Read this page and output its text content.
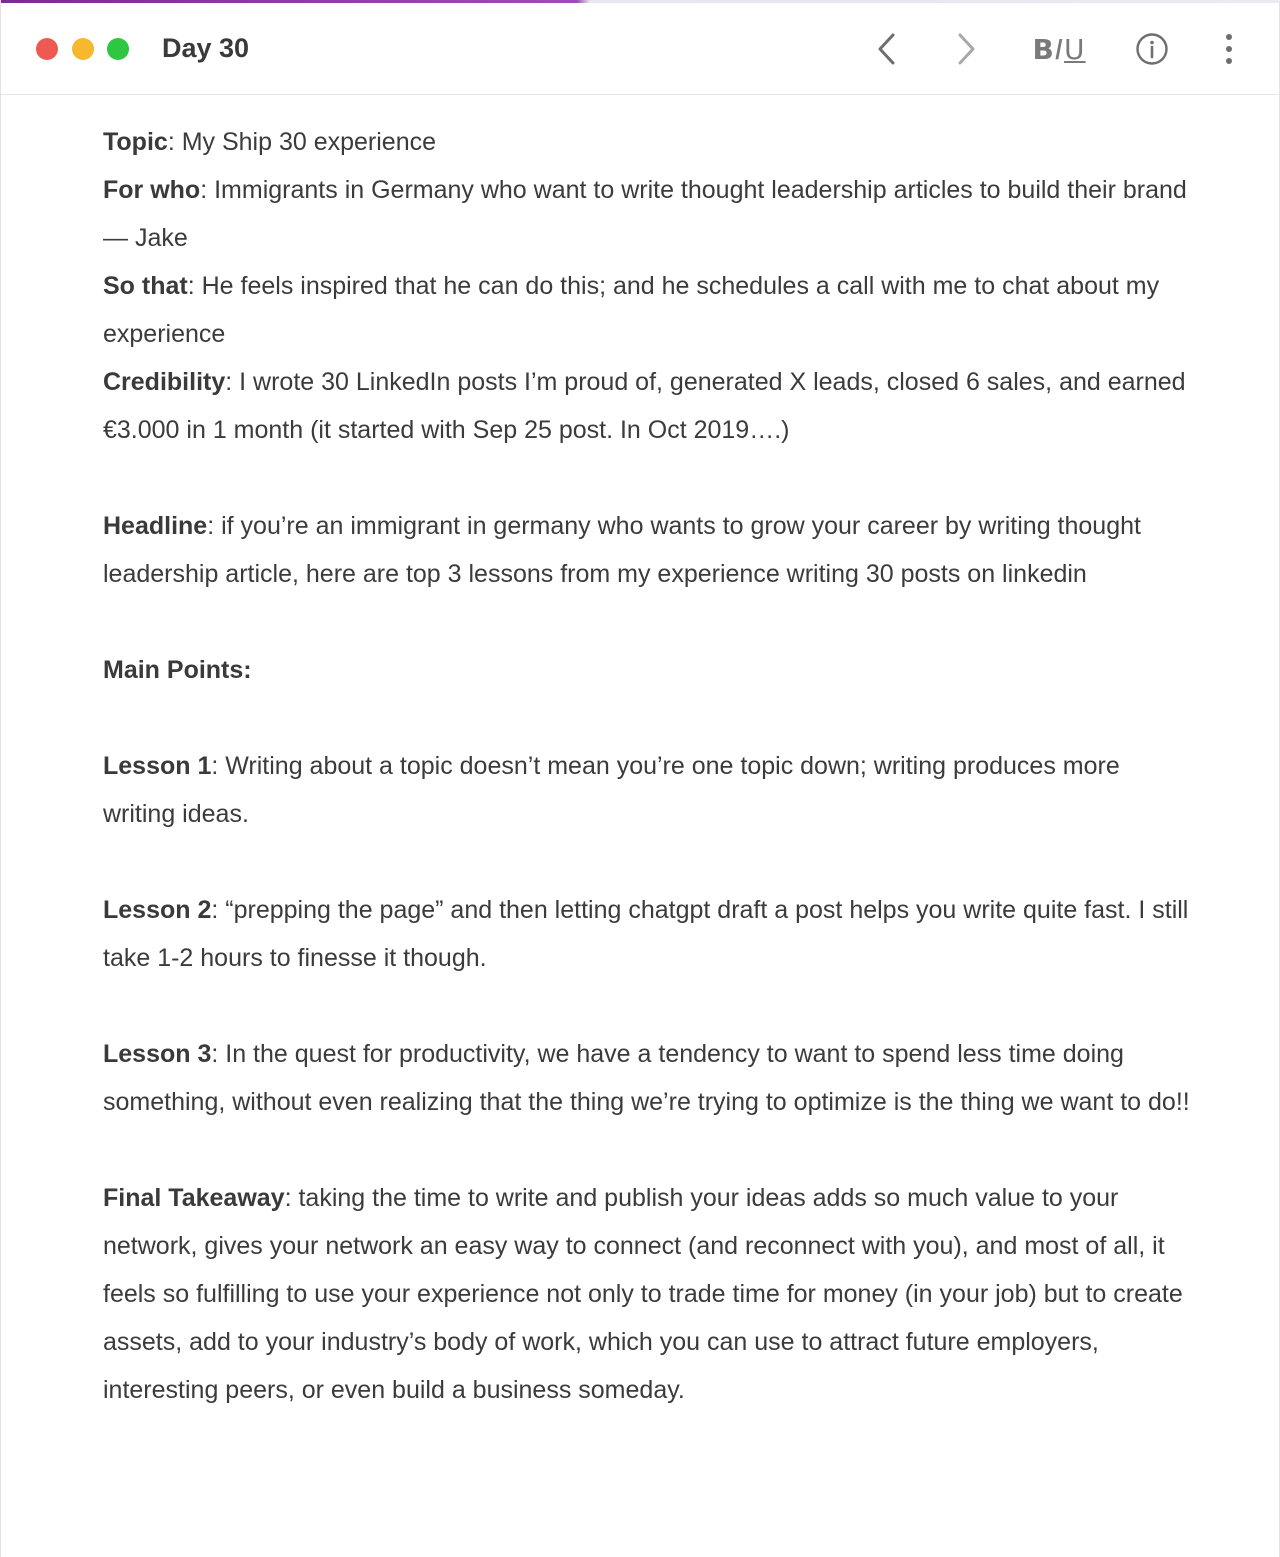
Day 30	B I U

Topic: My Ship 30 experience

For who: Immigrants in Germany who want to write thought leadership articles to build their brand — Jake

So that: He feels inspired that he can do this; and he schedules a call with me to chat about my experience

Credibility: I wrote 30 LinkedIn posts I’m proud of, generated X leads, closed 6 sales, and earned €3.000 in 1 month (it started with Sep 25 post. In Oct 2019….)

Headline: if you’re an immigrant in germany who wants to grow your career by writing thought leadership article, here are top 3 lessons from my experience writing 30 posts on linkedin

Main Points:

Lesson 1: Writing about a topic doesn’t mean you’re one topic down; writing produces more writing ideas.

Lesson 2: “prepping the page” and then letting chatgpt draft a post helps you write quite fast. I still take 1-2 hours to finesse it though.

Lesson 3: In the quest for productivity, we have a tendency to want to spend less time doing something, without even realizing that the thing we’re trying to optimize is the thing we want to do!!

Final Takeaway: taking the time to write and publish your ideas adds so much value to your network, gives your network an easy way to connect (and reconnect with you), and most of all, it feels so fulfilling to use your experience not only to trade time for money (in your job) but to create assets, add to your industry’s body of work, which you can use to attract future employers, interesting peers, or even build a business someday.
